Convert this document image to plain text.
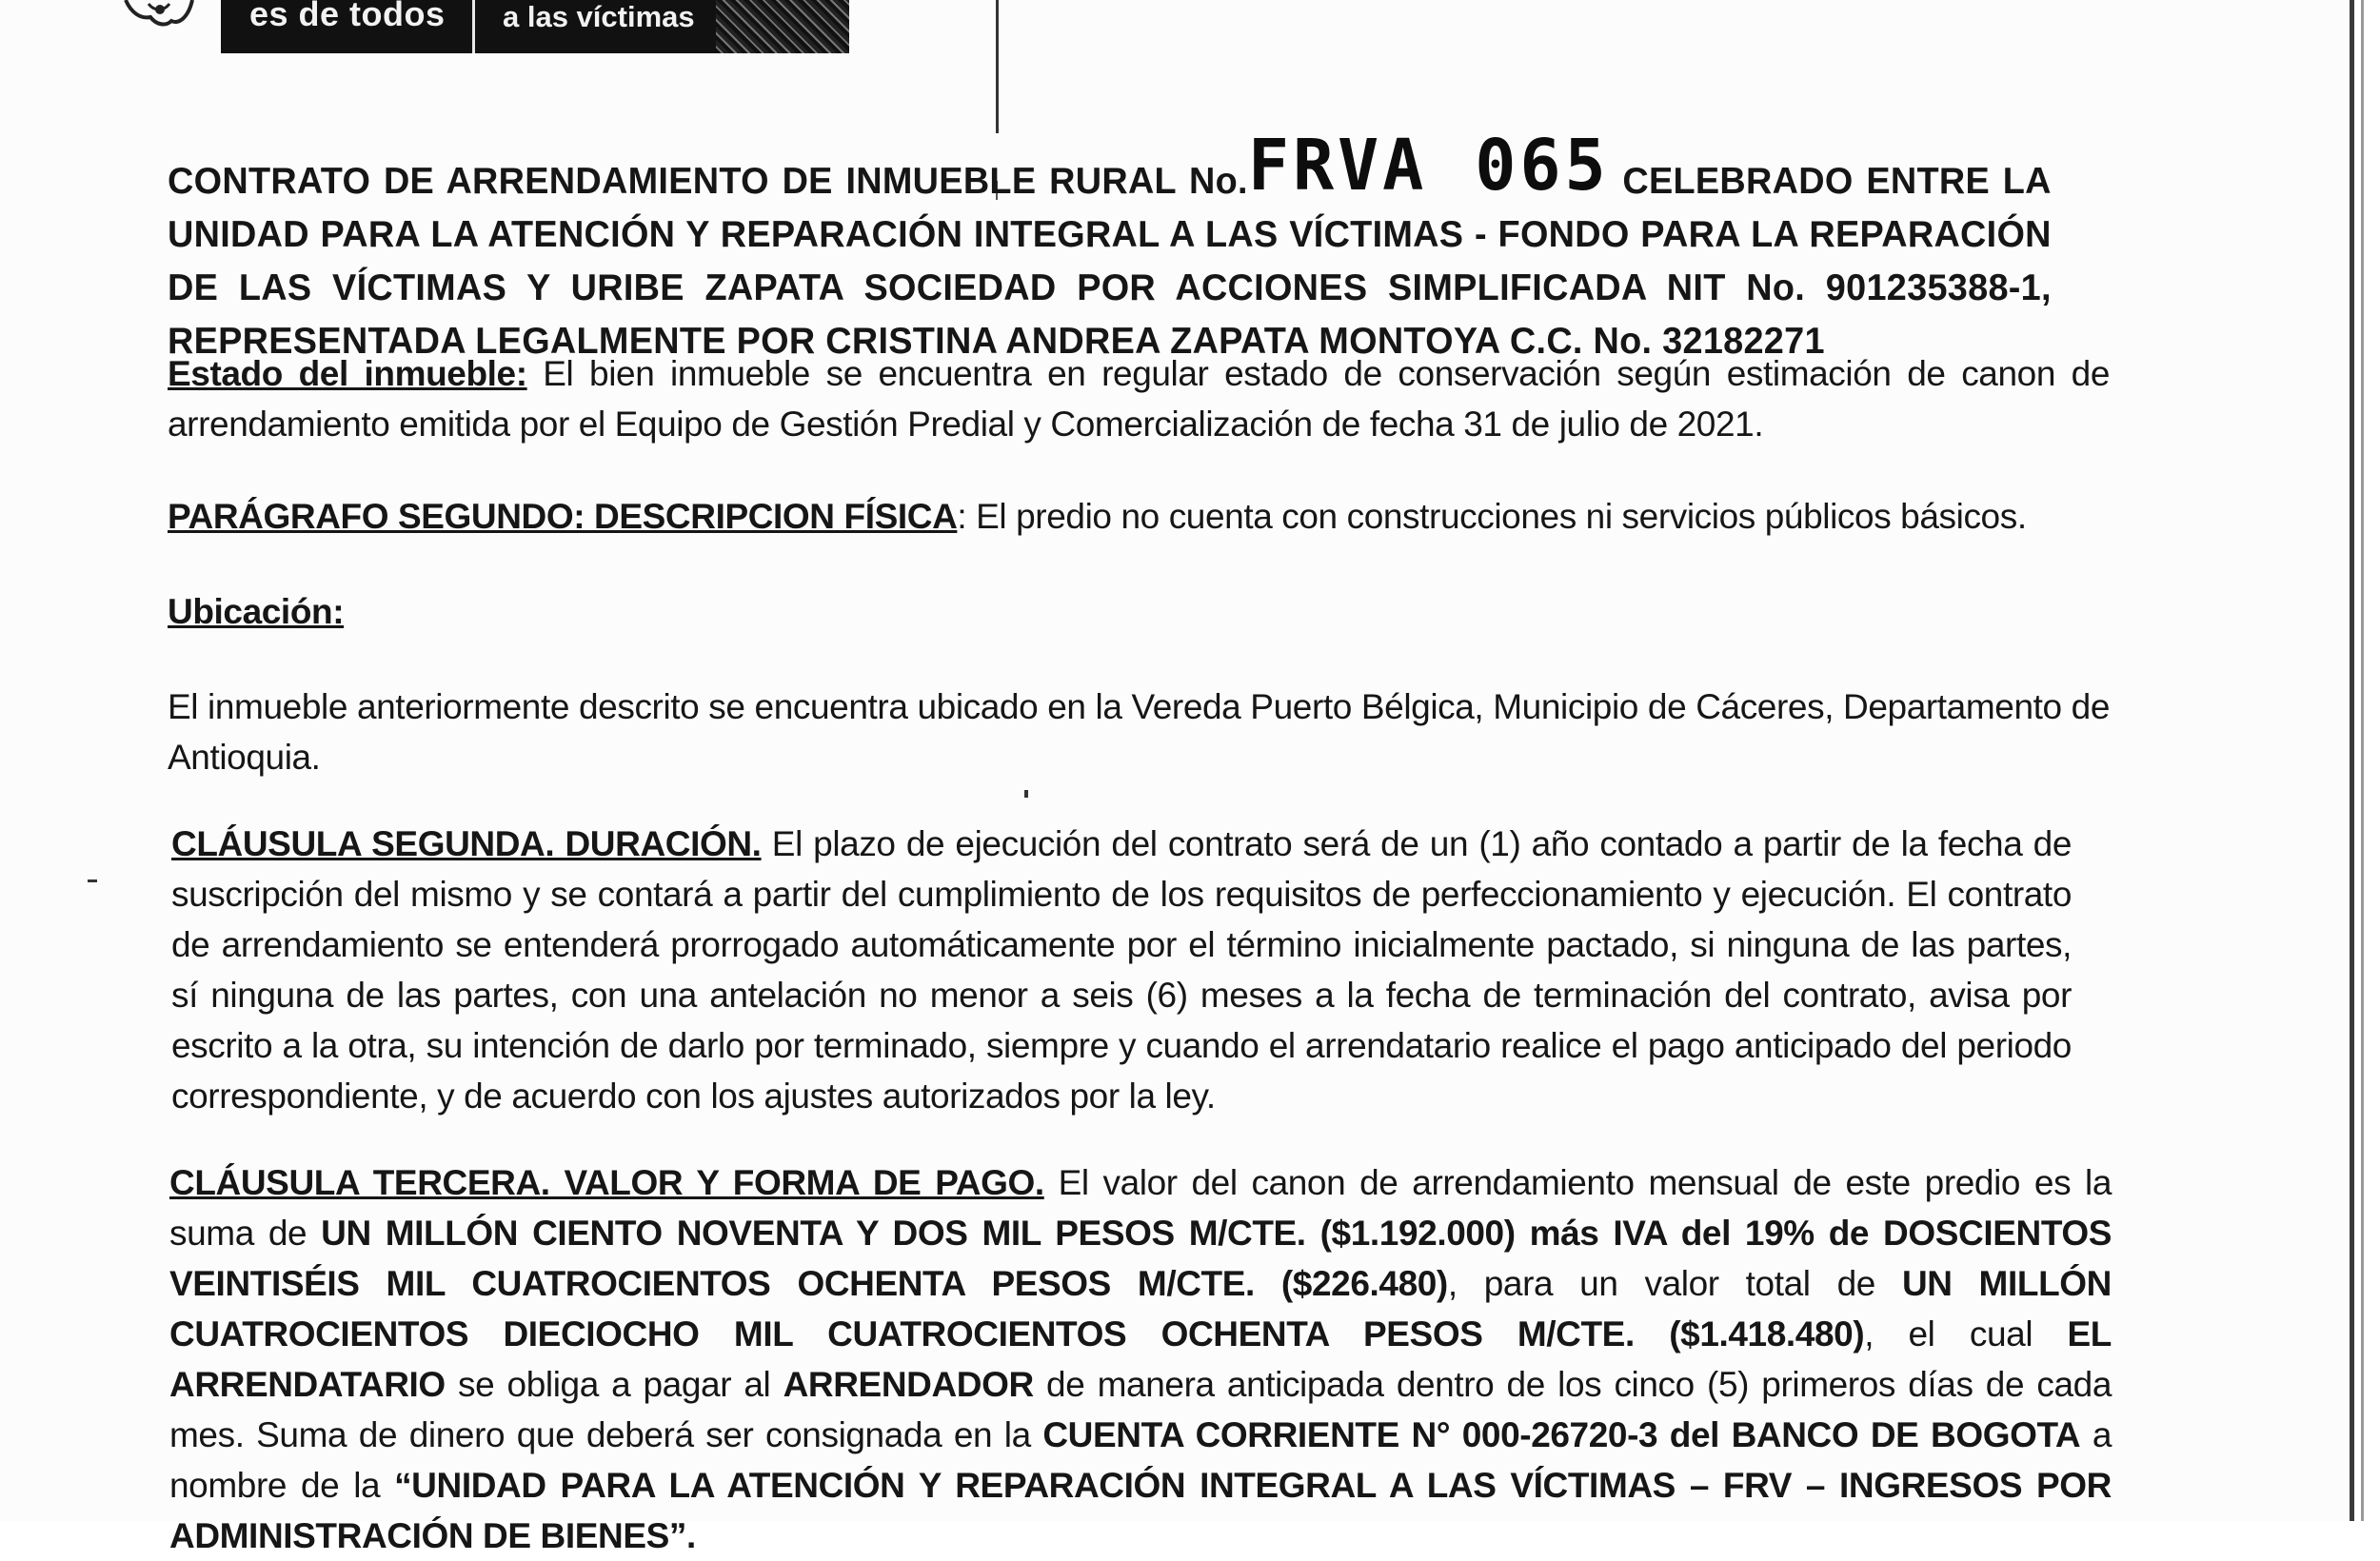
es de todos a las víctimas
CONTRATO DE ARRENDAMIENTO DE INMUEBLE RURAL No.FRVA 065 CELEBRADO ENTRE LA UNIDAD PARA LA ATENCIÓN Y REPARACIÓN INTEGRAL A LAS VÍCTIMAS - FONDO PARA LA REPARACIÓN DE LAS VÍCTIMAS Y URIBE ZAPATA SOCIEDAD POR ACCIONES SIMPLIFICADA NIT No. 901235388-1, REPRESENTADA LEGALMENTE POR CRISTINA ANDREA ZAPATA MONTOYA C.C. No. 32182271
Estado del inmueble: El bien inmueble se encuentra en regular estado de conservación según estimación de canon de arrendamiento emitida por el Equipo de Gestión Predial y Comercialización de fecha 31 de julio de 2021.
PARÁGRAFO SEGUNDO: DESCRIPCION FÍSICA: El predio no cuenta con construcciones ni servicios públicos básicos.
Ubicación:
El inmueble anteriormente descrito se encuentra ubicado en la Vereda Puerto Bélgica, Municipio de Cáceres, Departamento de Antioquia.
CLÁUSULA SEGUNDA. DURACIÓN. El plazo de ejecución del contrato será de un (1) año contado a partir de la fecha de suscripción del mismo y se contará a partir del cumplimiento de los requisitos de perfeccionamiento y ejecución. El contrato de arrendamiento se entenderá prorrogado automáticamente por el término inicialmente pactado, si ninguna de las partes, sí ninguna de las partes, con una antelación no menor a seis (6) meses a la fecha de terminación del contrato, avisa por escrito a la otra, su intención de darlo por terminado, siempre y cuando el arrendatario realice el pago anticipado del periodo correspondiente, y de acuerdo con los ajustes autorizados por la ley.
CLÁUSULA TERCERA. VALOR Y FORMA DE PAGO. El valor del canon de arrendamiento mensual de este predio es la suma de UN MILLÓN CIENTO NOVENTA Y DOS MIL PESOS M/CTE. ($1.192.000) más IVA del 19% de DOSCIENTOS VEINTISÉIS MIL CUATROCIENTOS OCHENTA PESOS M/CTE. ($226.480), para un valor total de UN MILLÓN CUATROCIENTOS DIECIOCHO MIL CUATROCIENTOS OCHENTA PESOS M/CTE. ($1.418.480), el cual EL ARRENDATARIO se obliga a pagar al ARRENDADOR de manera anticipada dentro de los cinco (5) primeros días de cada mes. Suma de dinero que deberá ser consignada en la CUENTA CORRIENTE N° 000-26720-3 del BANCO DE BOGOTA a nombre de la “UNIDAD PARA LA ATENCIÓN Y REPARACIÓN INTEGRAL A LAS VÍCTIMAS – FRV – INGRESOS POR ADMINISTRACIÓN DE BIENES”.
